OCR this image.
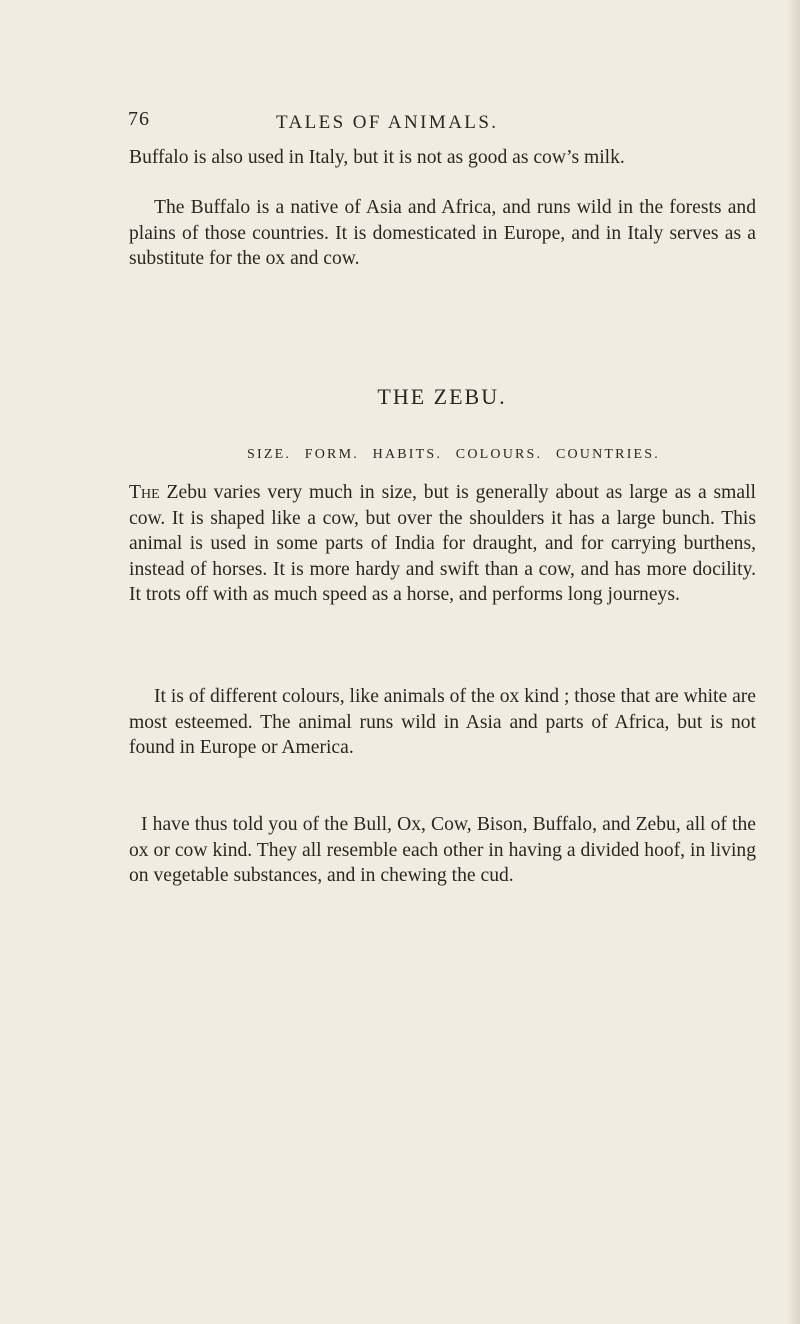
76	TALES OF ANIMALS.

Buffalo is also used in Italy, but it is not as good as cow’s milk.

The Buffalo is a native of Asia and Africa, and runs wild in the forests and plains of those countries. It is domesticated in Europe, and in Italy serves as a substitute for the ox and cow.

THE ZEBU.
SIZE. FORM. HABITS. COLOURS. COUNTRIES.

The Zebu varies very much in size, but is generally about as large as a small cow. It is shaped like a cow, but over the shoulders it has a large bunch. This animal is used in some parts of India for draught, and for carrying burthens, instead of horses. It is more hardy and swift than a cow, and has more docility. It trots off with as much speed as a horse, and performs long journeys.

It is of different colours, like animals of the ox kind ; those that are white are most esteemed. The animal runs wild in Asia and parts of Africa, but is not found in Europe or America.

I have thus told you of the Bull, Ox, Cow, Bison, Buffalo, and Zebu, all of the ox or cow kind. They all resemble each other in having a divided hoof, in living on vegetable substances, and in chewing the cud.
